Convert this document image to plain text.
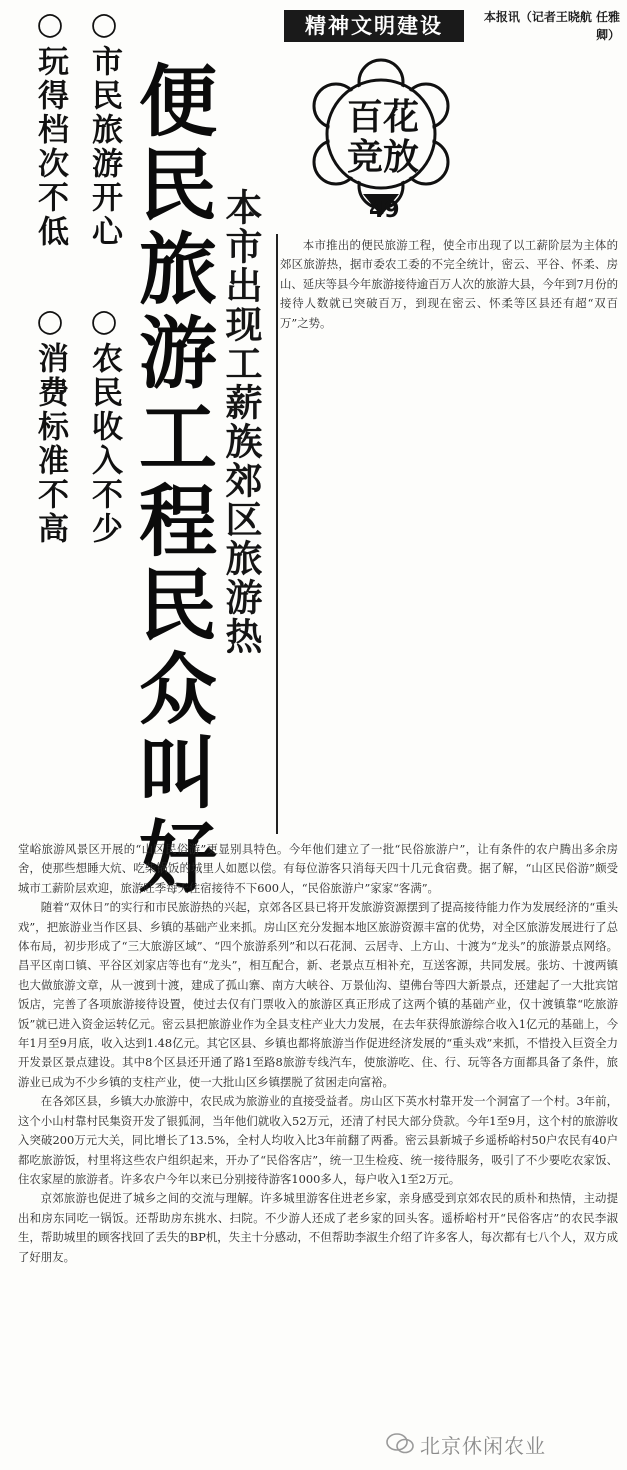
○市民旅游开心
○玩得档次不低
○农民收入不少
○消费标准不高 便民旅游工程民众叫好 本市出现工薪族郊区旅游热
精神文明建设	本报讯（记者王晓航 任雅卿）
百花
竞放
49

本市推出的便民旅游工程，使全市出现了以工薪阶层为主体的郊区旅游热，据市委农工委的不完全统计，密云、平谷、怀柔、房山、延庆等县今年旅游接待逾百万人次的旅游大县，今年到7月份的接待人数就已突破百万，到现在密云、怀柔等区县还有超“双百万”之势。

堂峪旅游风景区开展的“山区民俗游”更显别具特色。今年他们建立了一批“民俗旅游户”，让有条件的农户腾出多余房舍，使那些想睡大炕、吃柴锅饭的城里人如愿以偿。有每位游客只消每天四十几元食宿费。据了解，“山区民俗游”颇受城市工薪阶层欢迎，旅游旺季每天住宿接待不下600人，“民俗旅游户”家家“客满”。

随着“双休日”的实行和市民旅游热的兴起，京郊各区县已将开发旅游资源摆到了提高接待能力作为发展经济的“重头戏”，把旅游业当作区县、乡镇的基础产业来抓。房山区充分发掘本地区旅游资源丰富的优势，对全区旅游发展进行了总体布局，初步形成了“三大旅游区域”、“四个旅游系列”和以石花洞、云居寺、上方山、十渡为“龙头”的旅游景点网络。昌平区南口镇、平谷区刘家店等也有“龙头”，相互配合，新、老景点互相补充，互送客源，共同发展。张坊、十渡两镇也大做旅游文章，从一渡到十渡，建成了孤山寨、南方大峡谷、万景仙沟、望佛台等四大新景点，还建起了一大批宾馆饭店，完善了各项旅游接待设置，使过去仅有门票收入的旅游区真正形成了这两个镇的基础产业，仅十渡镇靠“吃旅游饭”就已进入资金运转亿元。密云县把旅游业作为全县支柱产业大力发展，在去年获得旅游综合收入1亿元的基础上，今年1月至9月底，收入达到1.48亿元。其它区县、乡镇也都将旅游当作促进经济发展的“重头戏”来抓，不惜投入巨资全力开发景区景点建设。其中8个区县还开通了路1至路8旅游专线汽车，使旅游吃、住、行、玩等各方面都具备了条件，旅游业已成为不少乡镇的支柱产业，使一大批山区乡镇摆脱了贫困走向富裕。

在各郊区县，乡镇大办旅游中，农民成为旅游业的直接受益者。房山区下英水村靠开发一个洞富了一个村。3年前，这个小山村靠村民集资开发了银狐洞，当年他们就收入52万元，还清了村民大部分贷款。今年1至9月，这个村的旅游收入突破200万元大关，同比增长了13.5%，全村人均收入比3年前翻了两番。密云县新城子乡遥桥峪村50户农民有40户都吃旅游饭，村里将这些农户组织起来，开办了“民俗客店”，统一卫生检疫、统一接待服务，吸引了不少要吃农家饭、住农家屋的旅游者。许多农户今年以来已分别接待游客1000多人，每户收入1至2万元。

京郊旅游也促进了城乡之间的交流与理解。许多城里游客住进老乡家，亲身感受到京郊农民的质朴和热情，主动提出和房东同吃一锅饭。还帮助房东挑水、扫院。不少游人还成了老乡家的回头客。遥桥峪村开“民俗客店”的农民李淑生，帮助城里的顾客找回了丢失的BP机，失主十分感动，不但帮助李淑生介绍了许多客人，每次都有七八个人，双方成了好朋友。

北京休闲农业
